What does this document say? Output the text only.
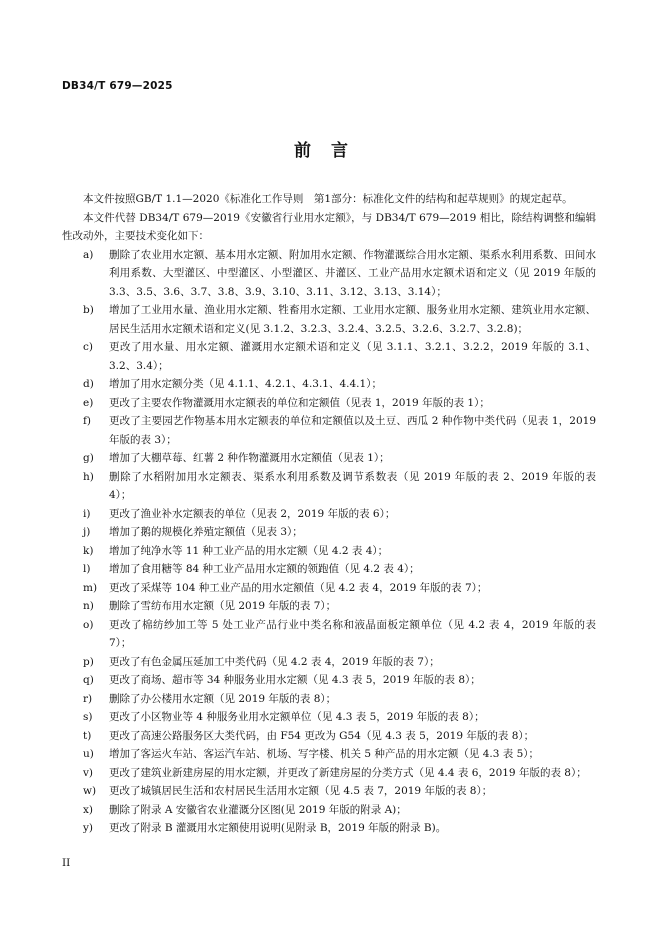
DB34/T 679—2025
前言

本文件按照GB/T 1.1—2020《标准化工作导则　第1部分：标准化文件的结构和起草规则》的规定起草。

本文件代替 DB34/T 679—2019《安徽省行业用水定额》，与 DB34/T 679—2019 相比，除结构调整和编辑性改动外，主要技术变化如下：

a)	删除了农业用水定额、基本用水定额、附加用水定额、作物灌溉综合用水定额、渠系水利用系数、田间水利用系数、大型灌区、中型灌区、小型灌区、井灌区、工业产品用水定额术语和定义（见 2019 年版的 3.3、3.5、3.6、3.7、3.8、3.9、3.10、3.11、3.12、3.13、3.14）；
b)	增加了工业用水量、渔业用水定额、牲畜用水定额、工业用水定额、服务业用水定额、建筑业用水定额、居民生活用水定额术语和定义(见 3.1.2、3.2.3、3.2.4、3.2.5、3.2.6、3.2.7、3.2.8)；
c)	更改了用水量、用水定额、灌溉用水定额术语和定义（见 3.1.1、3.2.1、3.2.2，2019 年版的 3.1、3.2、3.4）；
d)	增加了用水定额分类（见 4.1.1、4.2.1、4.3.1、4.4.1）；
e)	更改了主要农作物灌溉用水定额表的单位和定额值（见表 1，2019 年版的表 1）；
f)	更改了主要园艺作物基本用水定额表的单位和定额值以及土豆、西瓜 2 种作物中类代码（见表 1，2019 年版的表 3）；
g)	增加了大棚草莓、红薯 2 种作物灌溉用水定额值（见表 1）；
h)	删除了水稻附加用水定额表、渠系水利用系数及调节系数表（见 2019 年版的表 2、2019 年版的表 4）；
i)	更改了渔业补水定额表的单位（见表 2，2019 年版的表 6）；
j)	增加了鹅的规模化养殖定额值（见表 3）；
k)	增加了纯净水等 11 种工业产品的用水定额（见 4.2 表 4）；
l)	增加了食用糖等 84 种工业产品用水定额的领跑值（见 4.2 表 4）；
m)	更改了采煤等 104 种工业产品的用水定额值（见 4.2 表 4，2019 年版的表 7）；
n)	删除了雪纺布用水定额（见 2019 年版的表 7）；
o)	更改了棉纺纱加工等 5 处工业产品行业中类名称和液晶面板定额单位（见 4.2 表 4，2019 年版的表 7）；
p)	更改了有色金属压延加工中类代码（见 4.2 表 4，2019 年版的表 7）；
q)	更改了商场、超市等 34 种服务业用水定额（见 4.3 表 5，2019 年版的表 8）；
r)	删除了办公楼用水定额（见 2019 年版的表 8）；
s)	更改了小区物业等 4 种服务业用水定额单位（见 4.3 表 5，2019 年版的表 8）；
t)	更改了高速公路服务区大类代码，由 F54 更改为 G54（见 4.3 表 5，2019 年版的表 8）；
u)	增加了客运火车站、客运汽车站、机场、写字楼、机关 5 种产品的用水定额（见 4.3 表 5）；
v)	更改了建筑业新建房屋的用水定额，并更改了新建房屋的分类方式（见 4.4 表 6，2019 年版的表 8）；
w)	更改了城镇居民生活和农村居民生活用水定额（见 4.5 表 7，2019 年版的表 8）；
x)	删除了附录 A 安徽省农业灌溉分区图(见 2019 年版的附录 A)；
y)	更改了附录 B 灌溉用水定额使用说明(见附录 B，2019 年版的附录 B)。
II
